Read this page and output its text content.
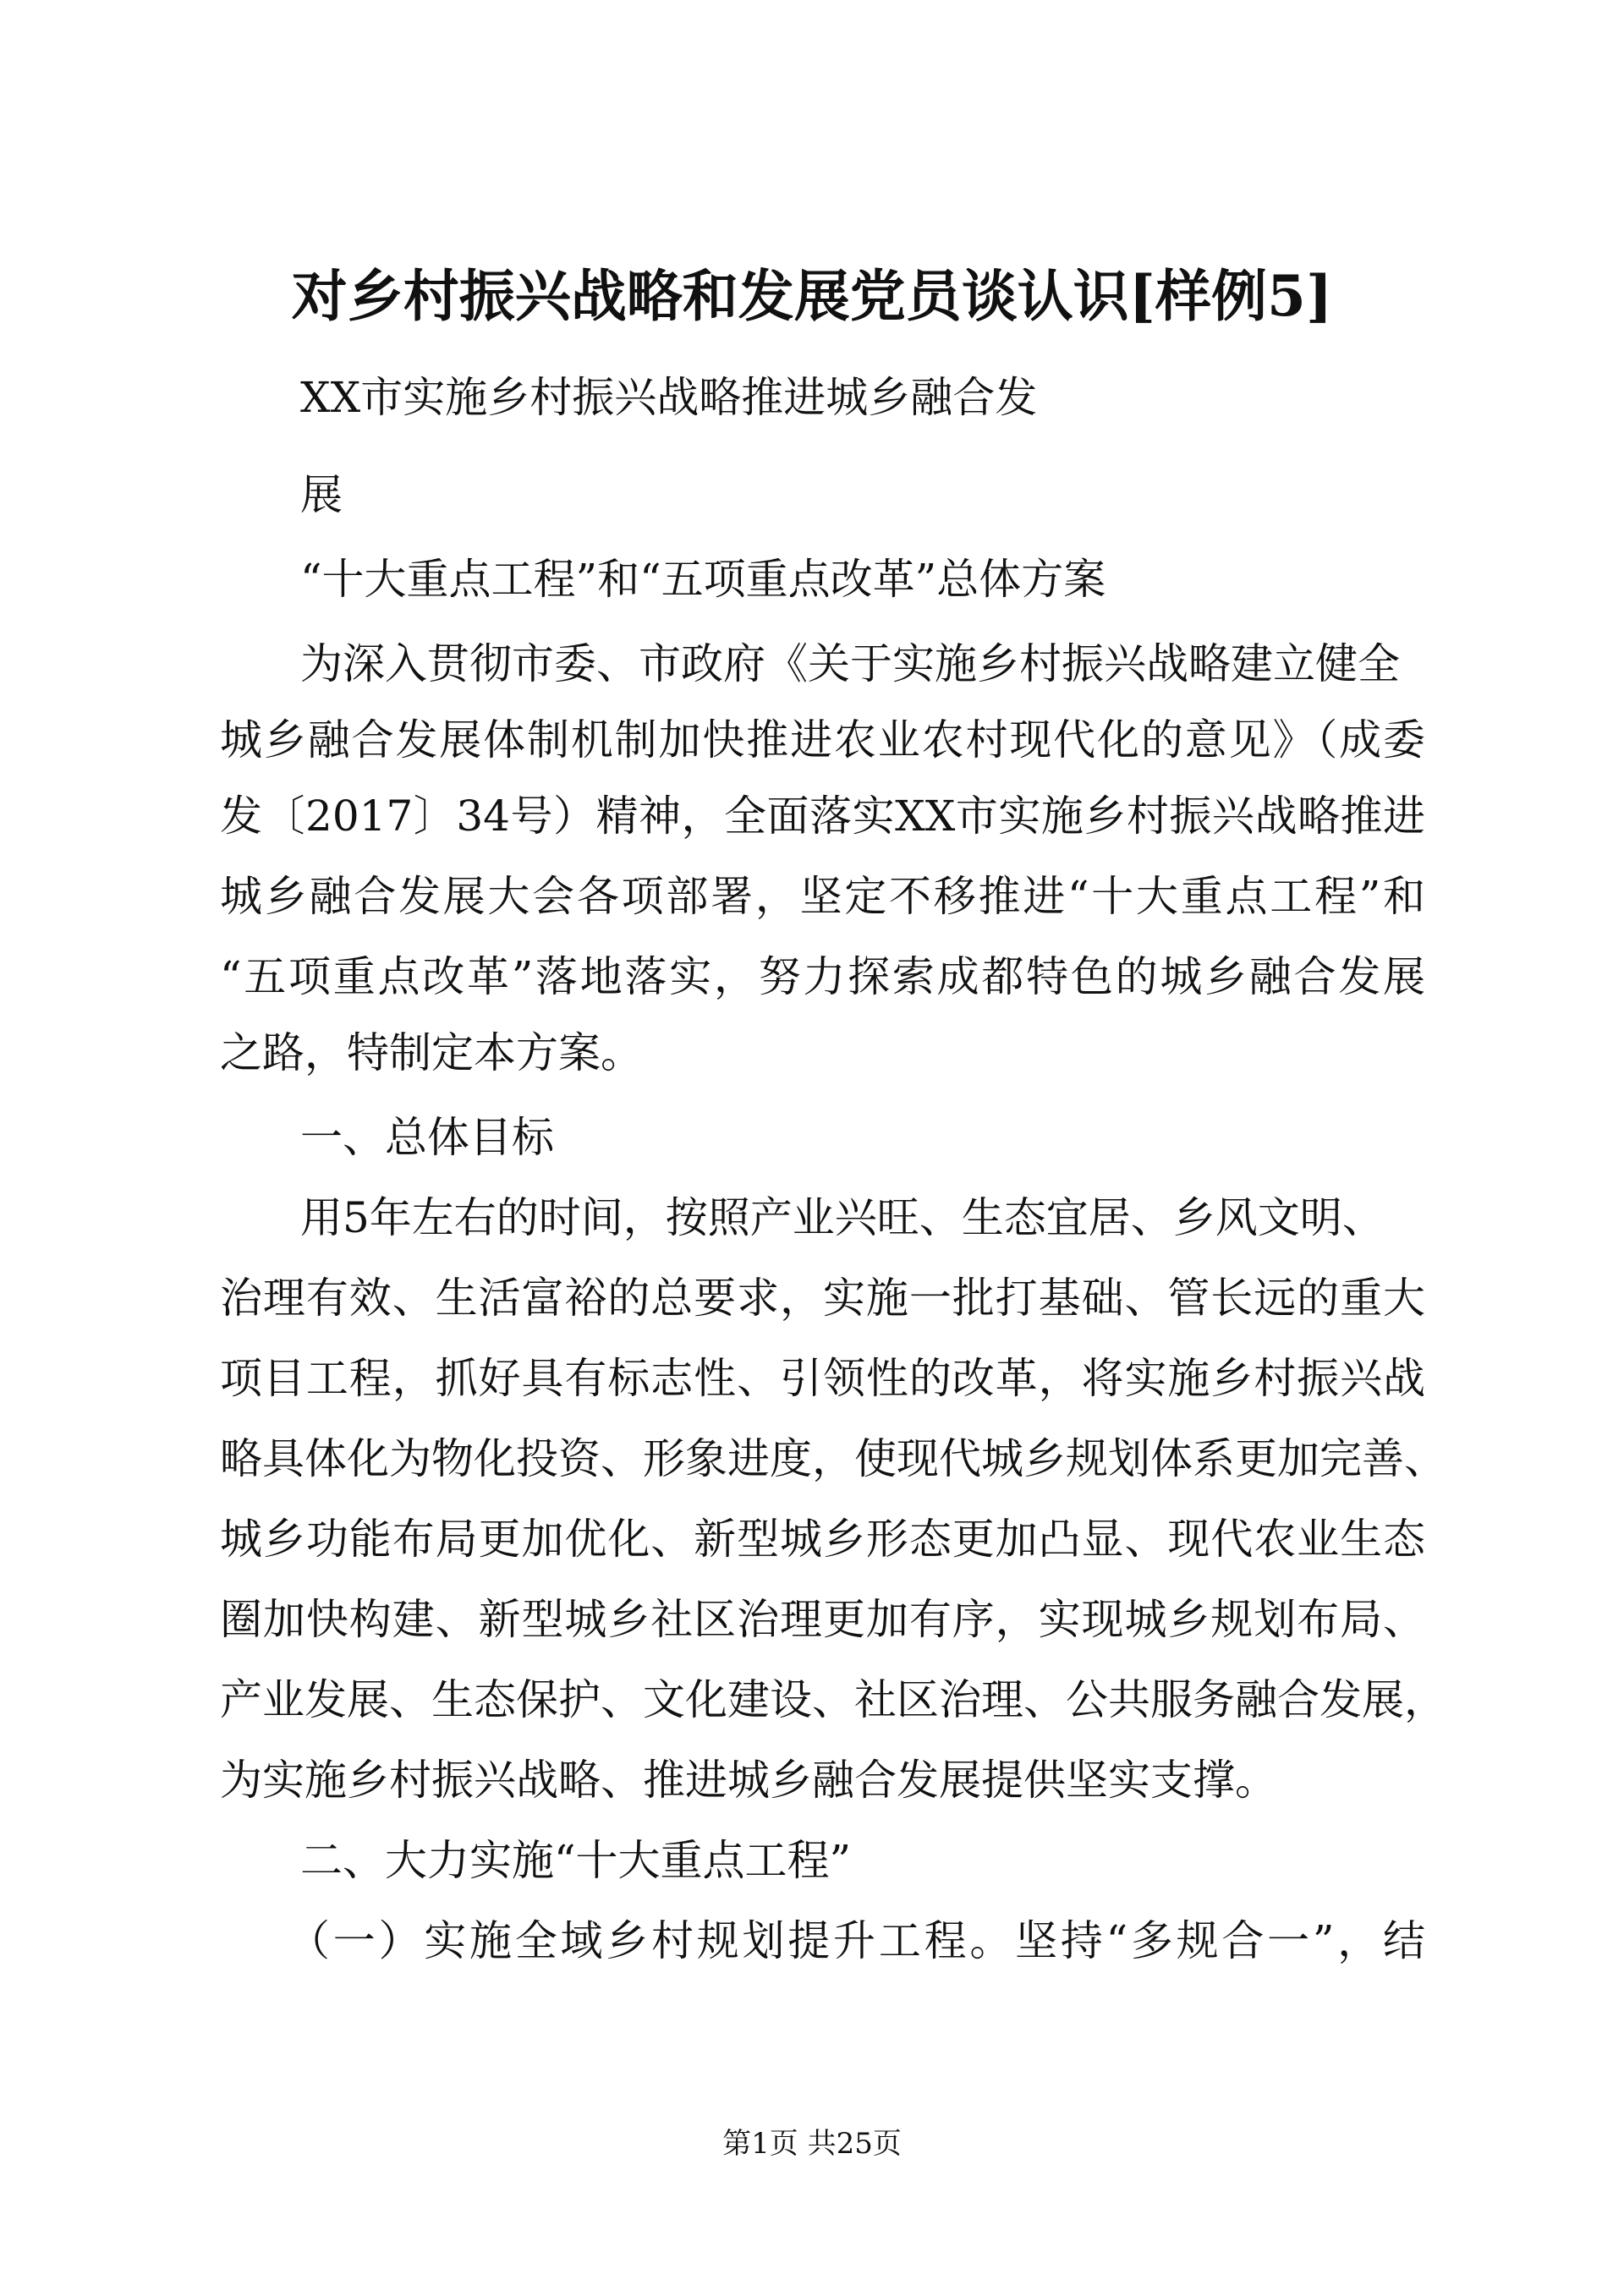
对乡村振兴战略和发展党员谈认识[样例5]
XX市实施乡村振兴战略推进城乡融合发
展
“十大重点工程”和“五项重点改革”总体方案
为深入贯彻市委、市政府《关于实施乡村振兴战略建立健全
城乡融合发展体制机制加快推进农业农村现代化的意见》（成委
发〔2017〕34号）精神，全面落实XX市实施乡村振兴战略推进
城乡融合发展大会各项部署，坚定不移推进“十大重点工程”和
“五项重点改革”落地落实，努力探索成都特色的城乡融合发展
之路，特制定本方案。
一、总体目标
用5年左右的时间，按照产业兴旺、生态宜居、乡风文明、
治理有效、生活富裕的总要求，实施一批打基础、管长远的重大
项目工程，抓好具有标志性、引领性的改革，将实施乡村振兴战
略具体化为物化投资、形象进度，使现代城乡规划体系更加完善、
城乡功能布局更加优化、新型城乡形态更加凸显、现代农业生态
圈加快构建、新型城乡社区治理更加有序，实现城乡规划布局、
产业发展、生态保护、文化建设、社区治理、公共服务融合发展，
为实施乡村振兴战略、推进城乡融合发展提供坚实支撑。
二、大力实施“十大重点工程”
（一）实施全域乡村规划提升工程。坚持“多规合一”，结
第1页 共25页
